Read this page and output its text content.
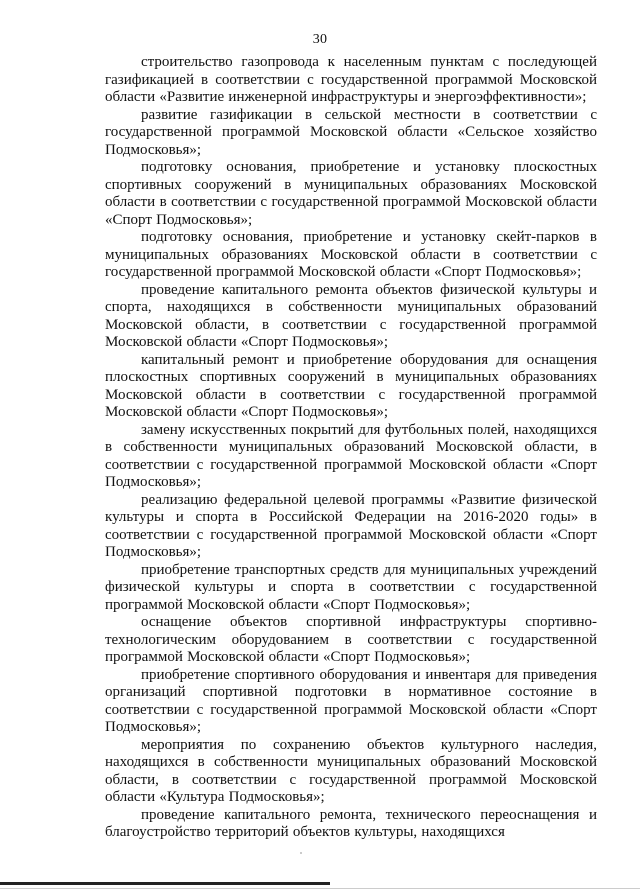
30

строительство газопровода к населенным пунктам с последующей газификацией в соответствии с государственной программой Московской области «Развитие инженерной инфраструктуры и энергоэффективности»;

развитие газификации в сельской местности в соответствии с государственной программой Московской области «Сельское хозяйство Подмосковья»;

подготовку основания, приобретение и установку плоскостных спортивных сооружений в муниципальных образованиях Московской области в соответствии с государственной программой Московской области «Спорт Подмосковья»;

подготовку основания, приобретение и установку скейт-парков в муниципальных образованиях Московской области в соответствии с государственной программой Московской области «Спорт Подмосковья»;

проведение капитального ремонта объектов физической культуры и спорта, находящихся в собственности муниципальных образований Московской области, в соответствии с государственной программой Московской области «Спорт Подмосковья»;

капитальный ремонт и приобретение оборудования для оснащения плоскостных спортивных сооружений в муниципальных образованиях Московской области в соответствии с государственной программой Московской области «Спорт Подмосковья»;

замену искусственных покрытий для футбольных полей, находящихся в собственности муниципальных образований Московской области, в соответствии с государственной программой Московской области «Спорт Подмосковья»;

реализацию федеральной целевой программы «Развитие физической культуры и спорта в Российской Федерации на 2016-2020 годы» в соответствии с государственной программой Московской области «Спорт Подмосковья»;

приобретение транспортных средств для муниципальных учреждений физической культуры и спорта в соответствии с государственной программой Московской области «Спорт Подмосковья»;

оснащение объектов спортивной инфраструктуры спортивно-технологическим оборудованием в соответствии с государственной программой Московской области «Спорт Подмосковья»;

приобретение спортивного оборудования и инвентаря для приведения организаций спортивной подготовки в нормативное состояние в соответствии с государственной программой Московской области «Спорт Подмосковья»;

мероприятия по сохранению объектов культурного наследия, находящихся в собственности муниципальных образований Московской области, в соответствии с государственной программой Московской области «Культура Подмосковья»;

проведение капитального ремонта, технического переоснащения и благоустройство территорий объектов культуры, находящихся
